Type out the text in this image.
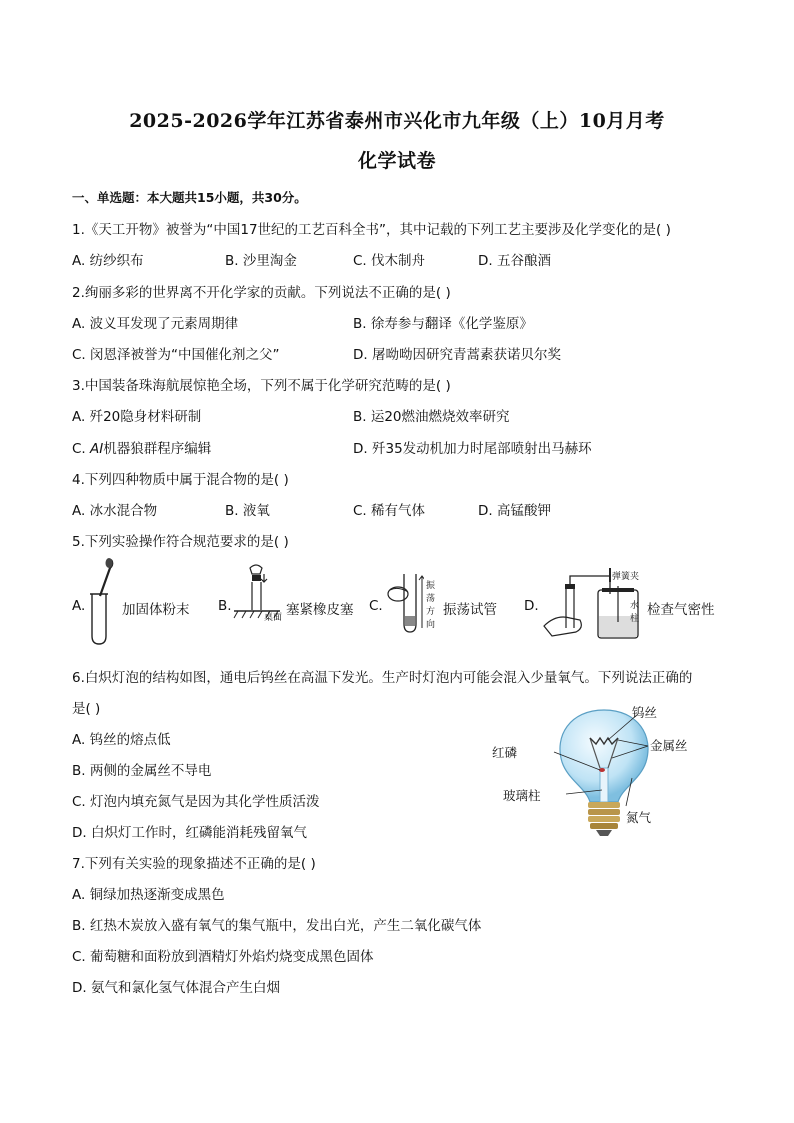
2025-2026学年江苏省泰州市兴化市九年级（上）10月月考
化学试卷
一、单选题：本大题共15小题，共30分。
1.《天工开物》被誉为“中国17世纪的工艺百科全书”，其中记载的下列工艺主要涉及化学变化的是( )
A. 纺纱织布	B. 沙里淘金	C. 伐木制舟	D. 五谷酿酒
2.绚丽多彩的世界离不开化学家的贡献。下列说法不正确的是( )
A. 波义耳发现了元素周期律	B. 徐寿参与翻译《化学鉴原》
C. 闵恩泽被誉为“中国催化剂之父”	D. 屠呦呦因研究青蒿素获诺贝尔奖
3.中国装备珠海航展惊艳全场，下列不属于化学研究范畴的是( )
A. 歼20隐身材料研制	B. 运20燃油燃烧效率研究
C. AI机器狼群程序编辑	D. 歼35发动机加力时尾部喷射出马赫环
4.下列四种物质中属于混合物的是( )
A. 冰水混合物	B. 液氧	C. 稀有气体	D. 高锰酸钾
5.下列实验操作符合规范要求的是( )
A.	加固体粉末 B.
桌面 塞紧橡皮塞 C.
振
荡
方
向
振荡试管 D.
弹簧夹
水
柱
检查气密性
6.白炽灯泡的结构如图，通电后钨丝在高温下发光。生产时灯泡内可能会混入少量氧气。下列说法正确的
是( )
A. 钨丝的熔点低
B. 两侧的金属丝不导电
C. 灯泡内填充氮气是因为其化学性质活泼
D. 白炽灯工作时，红磷能消耗残留氧气
钨丝
金属丝
红磷
玻璃柱
氮气
7.下列有关实验的现象描述不正确的是( )
A. 铜绿加热逐渐变成黑色
B. 红热木炭放入盛有氧气的集气瓶中，发出白光，产生二氧化碳气体
C. 葡萄糖和面粉放到酒精灯外焰灼烧变成黑色固体
D. 氨气和氯化氢气体混合产生白烟
